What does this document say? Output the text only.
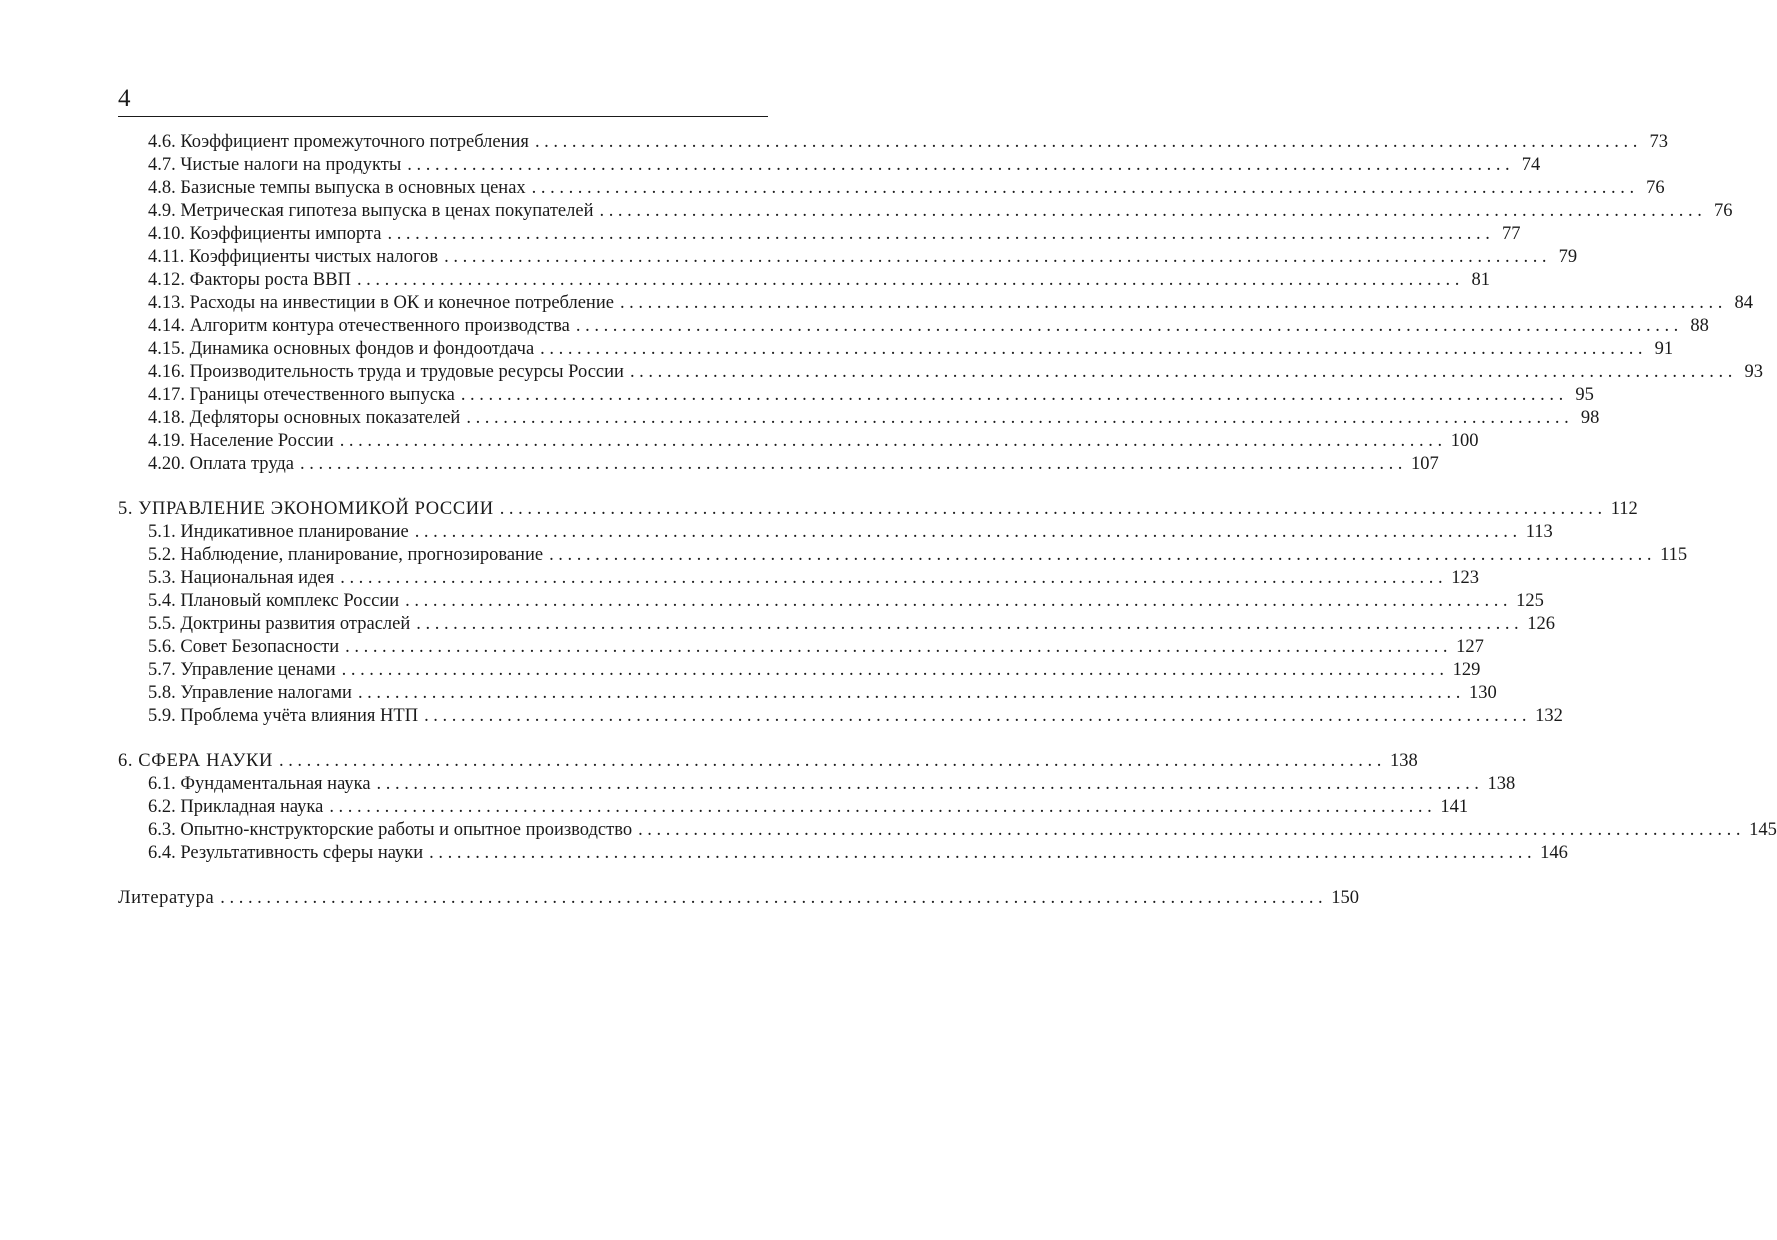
4
4.6. Коэффициент промежуточного потребления ........................................................................................................................ 73
4.7. Чистые налоги на продукты ........................................................................................................................ 74
4.8. Базисные темпы выпуска в основных ценах ........................................................................................................................ 76
4.9. Метрическая гипотеза выпуска в ценах покупателей ........................................................................................................................ 76
4.10. Коэффициенты импорта ........................................................................................................................ 77
4.11. Коэффициенты чистых налогов ........................................................................................................................ 79
4.12. Факторы роста ВВП ........................................................................................................................ 81
4.13. Расходы на инвестиции в ОК и конечное потребление ........................................................................................................................ 84
4.14. Алгоритм контура отечественного производства ........................................................................................................................ 88
4.15. Динамика основных фондов и фондоотдача ........................................................................................................................ 91
4.16. Производительность труда и трудовые ресурсы России ........................................................................................................................ 93
4.17. Границы отечественного выпуска ........................................................................................................................ 95
4.18. Дефляторы основных показателей ........................................................................................................................ 98
4.19. Население России ........................................................................................................................ 100
4.20. Оплата труда ........................................................................................................................ 107
5. УПРАВЛЕНИЕ ЭКОНОМИКОЙ РОССИИ ........................................................................................................................ 112
5.1. Индикативное планирование ........................................................................................................................ 113
5.2. Наблюдение, планирование, прогнозирование ........................................................................................................................ 115
5.3. Национальная идея ........................................................................................................................ 123
5.4. Плановый комплекс России ........................................................................................................................ 125
5.5. Доктрины развития отраслей ........................................................................................................................ 126
5.6. Совет Безопасности ........................................................................................................................ 127
5.7. Управление ценами ........................................................................................................................ 129
5.8. Управление налогами ........................................................................................................................ 130
5.9. Проблема учёта влияния НТП ........................................................................................................................ 132
6. СФЕРА НАУКИ ........................................................................................................................ 138
6.1. Фундаментальная наука ........................................................................................................................ 138
6.2. Прикладная наука ........................................................................................................................ 141
6.3. Опытно-кнструкторские работы и опытное производство ........................................................................................................................ 145
6.4. Результативность сферы науки ........................................................................................................................ 146
Литература ........................................................................................................................ 150
